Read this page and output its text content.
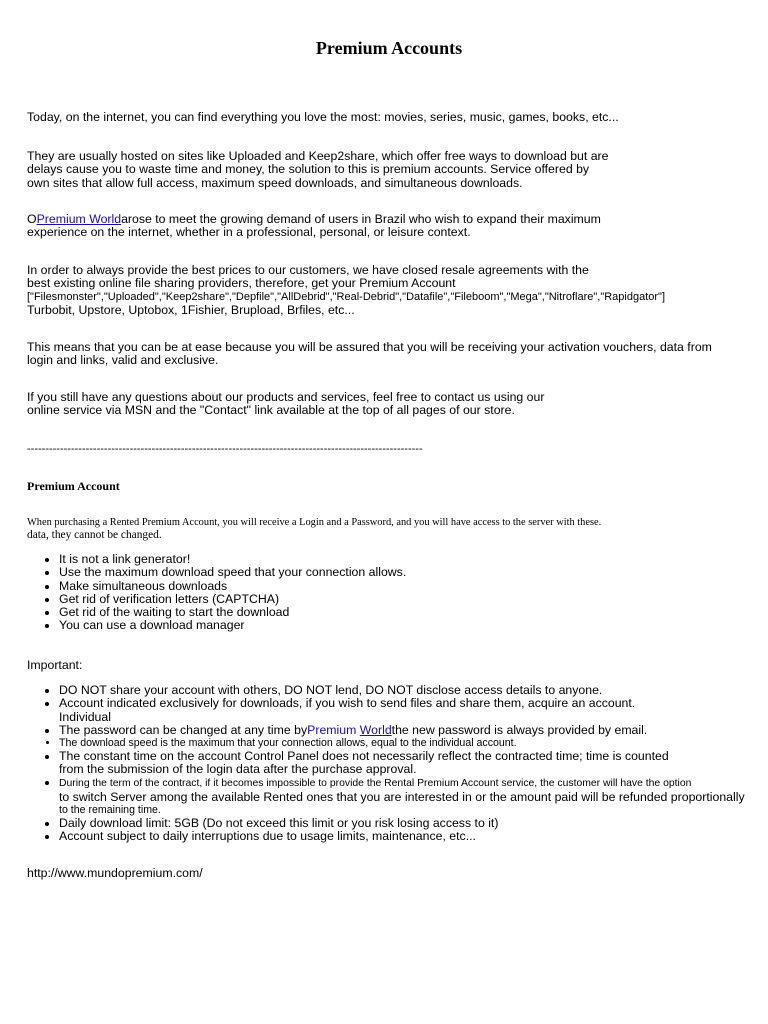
Premium Accounts

Today, on the internet, you can find everything you love the most: movies, series, music, games, books, etc...

They are usually hosted on sites like Uploaded and Keep2share, which offer free ways to download but are
delays cause you to waste time and money, the solution to this is premium accounts. Service offered by
own sites that allow full access, maximum speed downloads, and simultaneous downloads.
OPremium Worldarose to meet the growing demand of users in Brazil who wish to expand their maximum
experience on the internet, whether in a professional, personal, or leisure context.
In order to always provide the best prices to our customers, we have closed resale agreements with the
best existing online file sharing providers, therefore, get your Premium Account
["Filesmonster","Uploaded","Keep2share","Depfile","AllDebrid","Real-Debrid","Datafile","Fileboom","Mega","Nitroflare","Rapidgator"]
Turbobit, Upstore, Uptobox, 1Fishier, Brupload, Brfiles, etc...
This means that you can be at ease because you will be assured that you will be receiving your activation vouchers, data from
login and links, valid and exclusive.
If you still have any questions about our products and services, feel free to contact us using our
online service via MSN and the "Contact" link available at the top of all pages of our store.
------------------------------------------------------------------------------------------------------------
Premium Account
When purchasing a Rented Premium Account, you will receive a Login and a Password, and you will have access to the server with these.
data, they cannot be changed.
• It is not a link generator!
• Use the maximum download speed that your connection allows.
• Make simultaneous downloads
• Get rid of verification letters (CAPTCHA)
• Get rid of the waiting to start the download
• You can use a download manager
Important:
• DO NOT share your account with others, DO NOT lend, DO NOT disclose access details to anyone.
• Account indicated exclusively for downloads, if you wish to send files and share them, acquire an account.
Individual
• The password can be changed at any time byPremium Worldthe new password is always provided by email.
• The download speed is the maximum that your connection allows, equal to the individual account.
• The constant time on the account Control Panel does not necessarily reflect the contracted time; time is counted
from the submission of the login data after the purchase approval.
• During the term of the contract, if it becomes impossible to provide the Rental Premium Account service, the customer will have the option
to switch Server among the available Rented ones that you are interested in or the amount paid will be refunded proportionally
to the remaining time.
• Daily download limit: 5GB (Do not exceed this limit or you risk losing access to it)
• Account subject to daily interruptions due to usage limits, maintenance, etc...
http://www.mundopremium.com/
